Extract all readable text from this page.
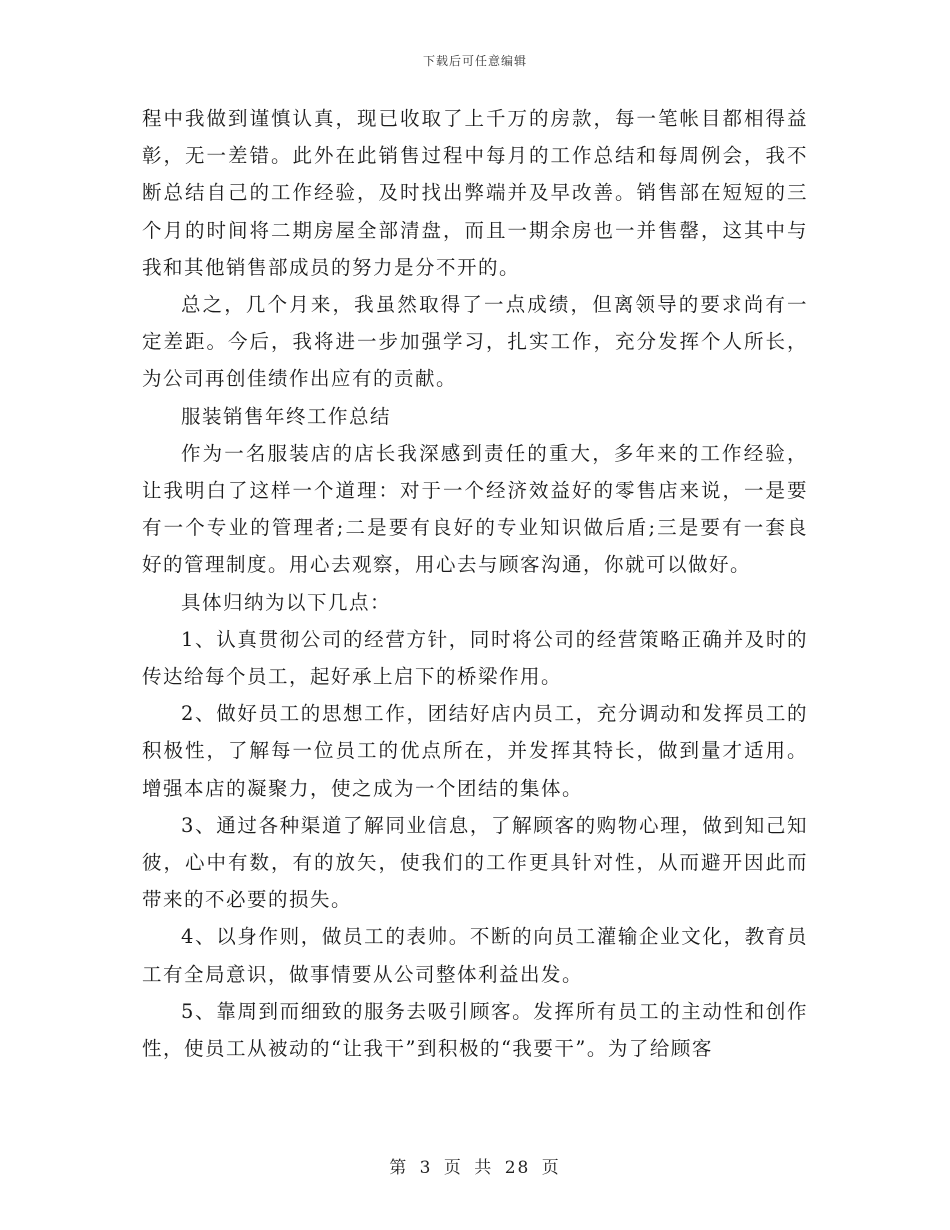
下载后可任意编辑

程中我做到谨慎认真，现已收取了上千万的房款，每一笔帐目都相得益彰，无一差错。此外在此销售过程中每月的工作总结和每周例会，我不断总结自己的工作经验，及时找出弊端并及早改善。销售部在短短的三个月的时间将二期房屋全部清盘，而且一期余房也一并售罄，这其中与我和其他销售部成员的努力是分不开的。

总之，几个月来，我虽然取得了一点成绩，但离领导的要求尚有一定差距。今后，我将进一步加强学习，扎实工作，充分发挥个人所长，为公司再创佳绩作出应有的贡献。

服装销售年终工作总结

作为一名服装店的店长我深感到责任的重大，多年来的工作经验，让我明白了这样一个道理：对于一个经济效益好的零售店来说，一是要有一个专业的管理者;二是要有良好的专业知识做后盾;三是要有一套良好的管理制度。用心去观察，用心去与顾客沟通，你就可以做好。

具体归纳为以下几点：

1、认真贯彻公司的经营方针，同时将公司的经营策略正确并及时的传达给每个员工，起好承上启下的桥梁作用。

2、做好员工的思想工作，团结好店内员工，充分调动和发挥员工的积极性，了解每一位员工的优点所在，并发挥其特长，做到量才适用。增强本店的凝聚力，使之成为一个团结的集体。

3、通过各种渠道了解同业信息，了解顾客的购物心理，做到知己知彼，心中有数，有的放矢，使我们的工作更具针对性，从而避开因此而带来的不必要的损失。

4、以身作则，做员工的表帅。不断的向员工灌输企业文化，教育员工有全局意识，做事情要从公司整体利益出发。

5、靠周到而细致的服务去吸引顾客。发挥所有员工的主动性和创作性，使员工从被动的“让我干”到积极的“我要干”。为了给顾客

第 3 页 共 28 页
